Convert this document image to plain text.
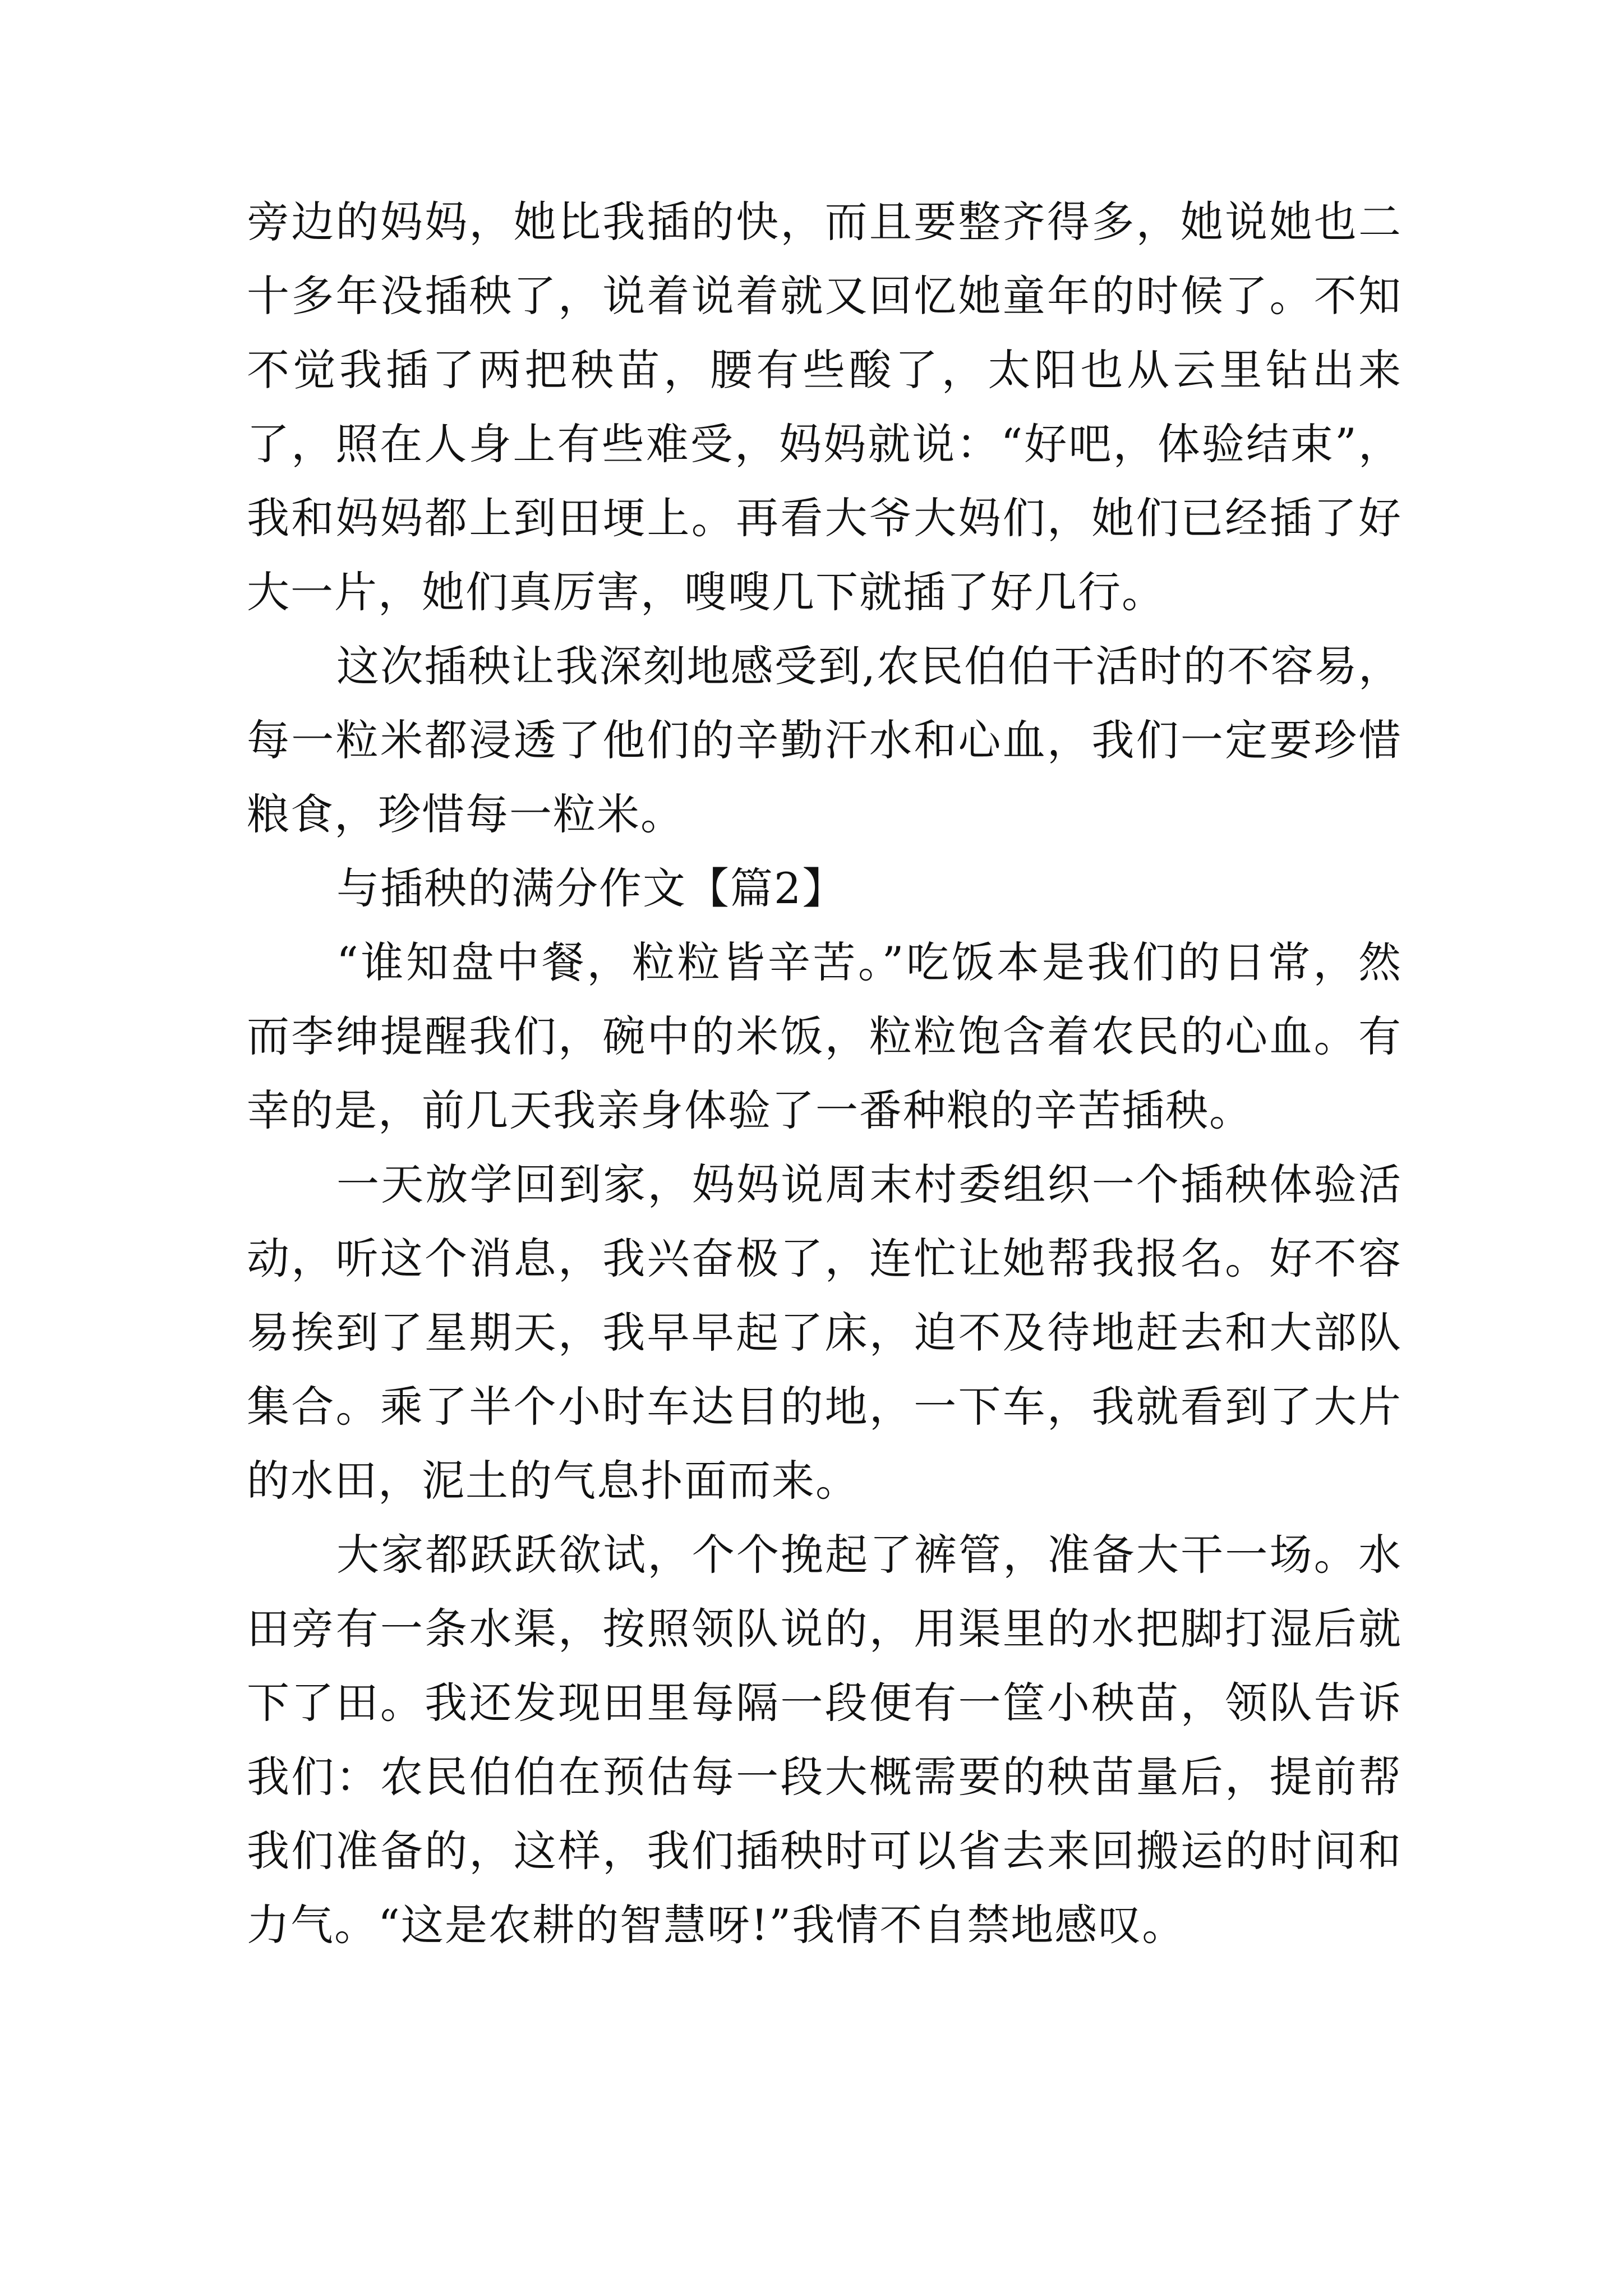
旁边的妈妈，她比我插的快，而且要整齐得多，她说她也二十多年没插秧了，说着说着就又回忆她童年的时候了。不知不觉我插了两把秧苗，腰有些酸了，太阳也从云里钻出来了，照在人身上有些难受，妈妈就说：“好吧，体验结束”，我和妈妈都上到田埂上。再看大爷大妈们，她们已经插了好大一片，她们真厉害，嗖嗖几下就插了好几行。

这次插秧让我深刻地感受到,农民伯伯干活时的不容易，每一粒米都浸透了他们的辛勤汗水和心血，我们一定要珍惜粮食，珍惜每一粒米。

与插秧的满分作文【篇2】

“谁知盘中餐，粒粒皆辛苦。”吃饭本是我们的日常，然而李绅提醒我们，碗中的米饭，粒粒饱含着农民的心血。有幸的是，前几天我亲身体验了一番种粮的辛苦插秧。

一天放学回到家，妈妈说周末村委组织一个插秧体验活动，听这个消息，我兴奋极了，连忙让她帮我报名。好不容易挨到了星期天，我早早起了床，迫不及待地赶去和大部队集合。乘了半个小时车达目的地，一下车，我就看到了大片的水田，泥土的气息扑面而来。

大家都跃跃欲试，个个挽起了裤管，准备大干一场。水田旁有一条水渠，按照领队说的，用渠里的水把脚打湿后就下了田。我还发现田里每隔一段便有一筐小秧苗，领队告诉我们：农民伯伯在预估每一段大概需要的秧苗量后，提前帮我们准备的，这样，我们插秧时可以省去来回搬运的时间和力气。“这是农耕的智慧呀!”我情不自禁地感叹。
